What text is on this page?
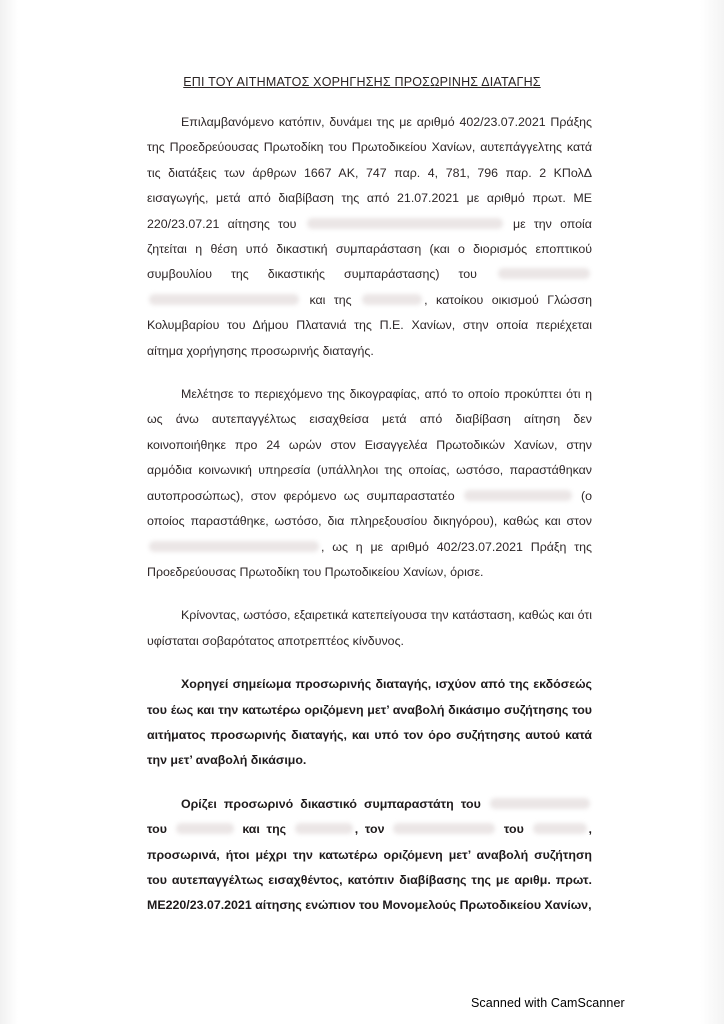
ΕΠΙ ΤΟΥ ΑΙΤΗΜΑΤΟΣ ΧΟΡΗΓΗΣΗΣ ΠΡΟΣΩΡΙΝΗΣ ΔΙΑΤΑΓΗΣ

Επιλαμβανόμενο κατόπιν, δυνάμει της με αριθμό 402/23.07.2021 Πράξης της Προεδρεύουσας Πρωτοδίκη του Πρωτοδικείου Χανίων, αυτεπάγγελτης κατά τις διατάξεις των άρθρων 1667 ΑΚ, 747 παρ. 4, 781, 796 παρ. 2 ΚΠολΔ εισαγωγής, μετά από διαβίβαση της από 21.07.2021 με αριθμό πρωτ. ΜΕ 220/23.07.21 αίτησης του	με την οποία ζητείται η θέση υπό δικαστική συμπαράσταση (και ο διορισμός εποπτικού συμβουλίου της δικαστικής συμπαράστασης) του   και της	, κατοίκου οικισμού Γλώσση Κολυμβαρίου του Δήμου Πλατανιά της Π.Ε. Χανίων, στην οποία περιέχεται αίτημα χορήγησης προσωρινής διαταγής.

Μελέτησε το περιεχόμενο της δικογραφίας, από το οποίο προκύπτει ότι η ως άνω αυτεπαγγέλτως εισαχθείσα μετά από διαβίβαση αίτηση δεν κοινοποιήθηκε προ 24 ωρών στον Εισαγγελέα Πρωτοδικών Χανίων, στην αρμόδια κοινωνική υπηρεσία (υπάλληλοι της οποίας, ωστόσο, παραστάθηκαν αυτοπροσώπως), στον φερόμενο ως συμπαραστατέο	(ο οποίος παραστάθηκε, ωστόσο, δια πληρεξουσίου δικηγόρου), καθώς και στον , ως η με αριθμό 402/23.07.2021 Πράξη της Προεδρεύουσας Πρωτοδίκη του Πρωτοδικείου Χανίων, όρισε.

Κρίνοντας, ωστόσο, εξαιρετικά κατεπείγουσα την κατάσταση, καθώς και ότι υφίσταται σοβαρότατος αποτρεπτέος κίνδυνος.

Χορηγεί σημείωμα προσωρινής διαταγής, ισχύον από της εκδόσεώς του έως και την κατωτέρω οριζόμενη μετ’ αναβολή δικάσιμο συζήτησης του αιτήματος προσωρινής διαταγής, και υπό τον όρο συζήτησης αυτού κατά την μετ’ αναβολή δικάσιμο.

Ορίζει προσωρινό δικαστικό συμπαραστάτη του  του	και της	, τον	του	, προσωρινά, ήτοι μέχρι την κατωτέρω οριζόμενη μετ’ αναβολή συζήτηση του αυτεπαγγέλτως εισαχθέντος, κατόπιν διαβίβασης της με αριθμ. πρωτ. ΜΕ220/23.07.2021 αίτησης ενώπιον του Μονομελούς Πρωτοδικείου Χανίων,

Scanned with CamScanner
